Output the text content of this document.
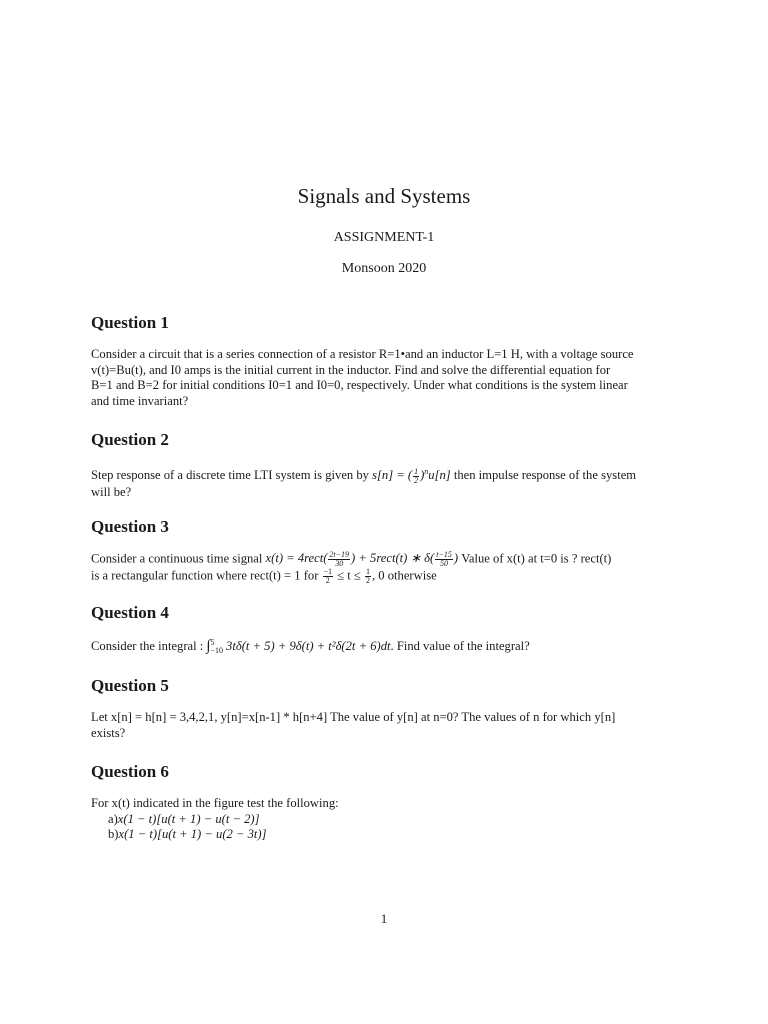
Signals and Systems
ASSIGNMENT-1
Monsoon 2020
Question 1
Consider a circuit that is a series connection of a resistor R=1•and an inductor L=1 H, with a voltage source
v(t)=Bu(t), and I0 amps is the initial current in the inductor. Find and solve the differential equation for
B=1 and B=2 for initial conditions I0=1 and I0=0, respectively. Under what conditions is the system linear
and time invariant?
Question 2
Step response of a discrete time LTI system is given by s[n] = ( $\frac{1}{2} )^nu[n]$ then impulse response of the system
will be?
Question 3
Consider a continuous time signal x(t) = 4rect( $\frac{2t-19}{30}$ ) + 5rect(t) ∗ $\delta( \frac{t-15}{50}$ ) Value of x(t) at t=0 is ? rect(t)
is a rectangular function where rect(t) = 1 for $\frac{-1}{2} \le t \le \frac{1}{2}$ , 0 otherwise
Question 4
Consider the integral : ∫ 5
−10 3tδ(t + 5) + 9δ(t) + t²δ(2t + 6)dt. Find value of the integral?
Question 5
Let x[n] = h[n] = 3,4,2,1, y[n]=x[n-1] * h[n+4] The value of y[n] at n=0? The values of n for which y[n]
exists?
Question 6
For x(t) indicated in the figure test the following:
a)x(1 − t)[u(t + 1) − u(t − 2)]
b)x(1 − t)[u(t + 1) − u(2 − 3t)]
1
